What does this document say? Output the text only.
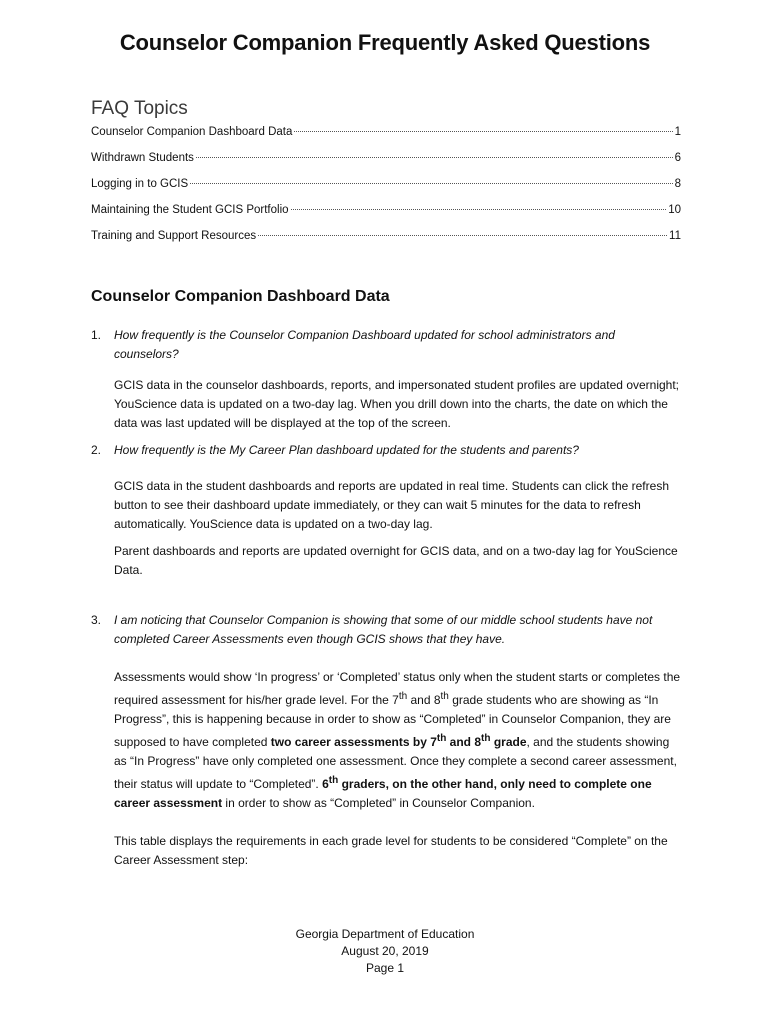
Counselor Companion Frequently Asked Questions
FAQ Topics
Counselor Companion Dashboard Data	1
Withdrawn Students	6
Logging in to GCIS	8
Maintaining the Student GCIS Portfolio	10
Training and Support Resources	11
Counselor Companion Dashboard Data
1. How frequently is the Counselor Companion Dashboard updated for school administrators and counselors?
GCIS data in the counselor dashboards, reports, and impersonated student profiles are updated overnight; YouScience data is updated on a two-day lag. When you drill down into the charts, the date on which the data was last updated will be displayed at the top of the screen.
2. How frequently is the My Career Plan dashboard updated for the students and parents?
GCIS data in the student dashboards and reports are updated in real time. Students can click the refresh button to see their dashboard update immediately, or they can wait 5 minutes for the data to refresh automatically. YouScience data is updated on a two-day lag.
Parent dashboards and reports are updated overnight for GCIS data, and on a two-day lag for YouScience Data.
3. I am noticing that Counselor Companion is showing that some of our middle school students have not completed Career Assessments even though GCIS shows that they have.
Assessments would show ‘In progress’ or ‘Completed’ status only when the student starts or completes the required assessment for his/her grade level. For the 7th and 8th grade students who are showing as “In Progress”, this is happening because in order to show as “Completed” in Counselor Companion, they are supposed to have completed two career assessments by 7th and 8th grade, and the students showing as “In Progress” have only completed one assessment. Once they complete a second career assessment, their status will update to “Completed”. 6th graders, on the other hand, only need to complete one career assessment in order to show as “Completed” in Counselor Companion.
This table displays the requirements in each grade level for students to be considered “Complete” on the Career Assessment step:
Georgia Department of Education
August 20, 2019
Page 1
